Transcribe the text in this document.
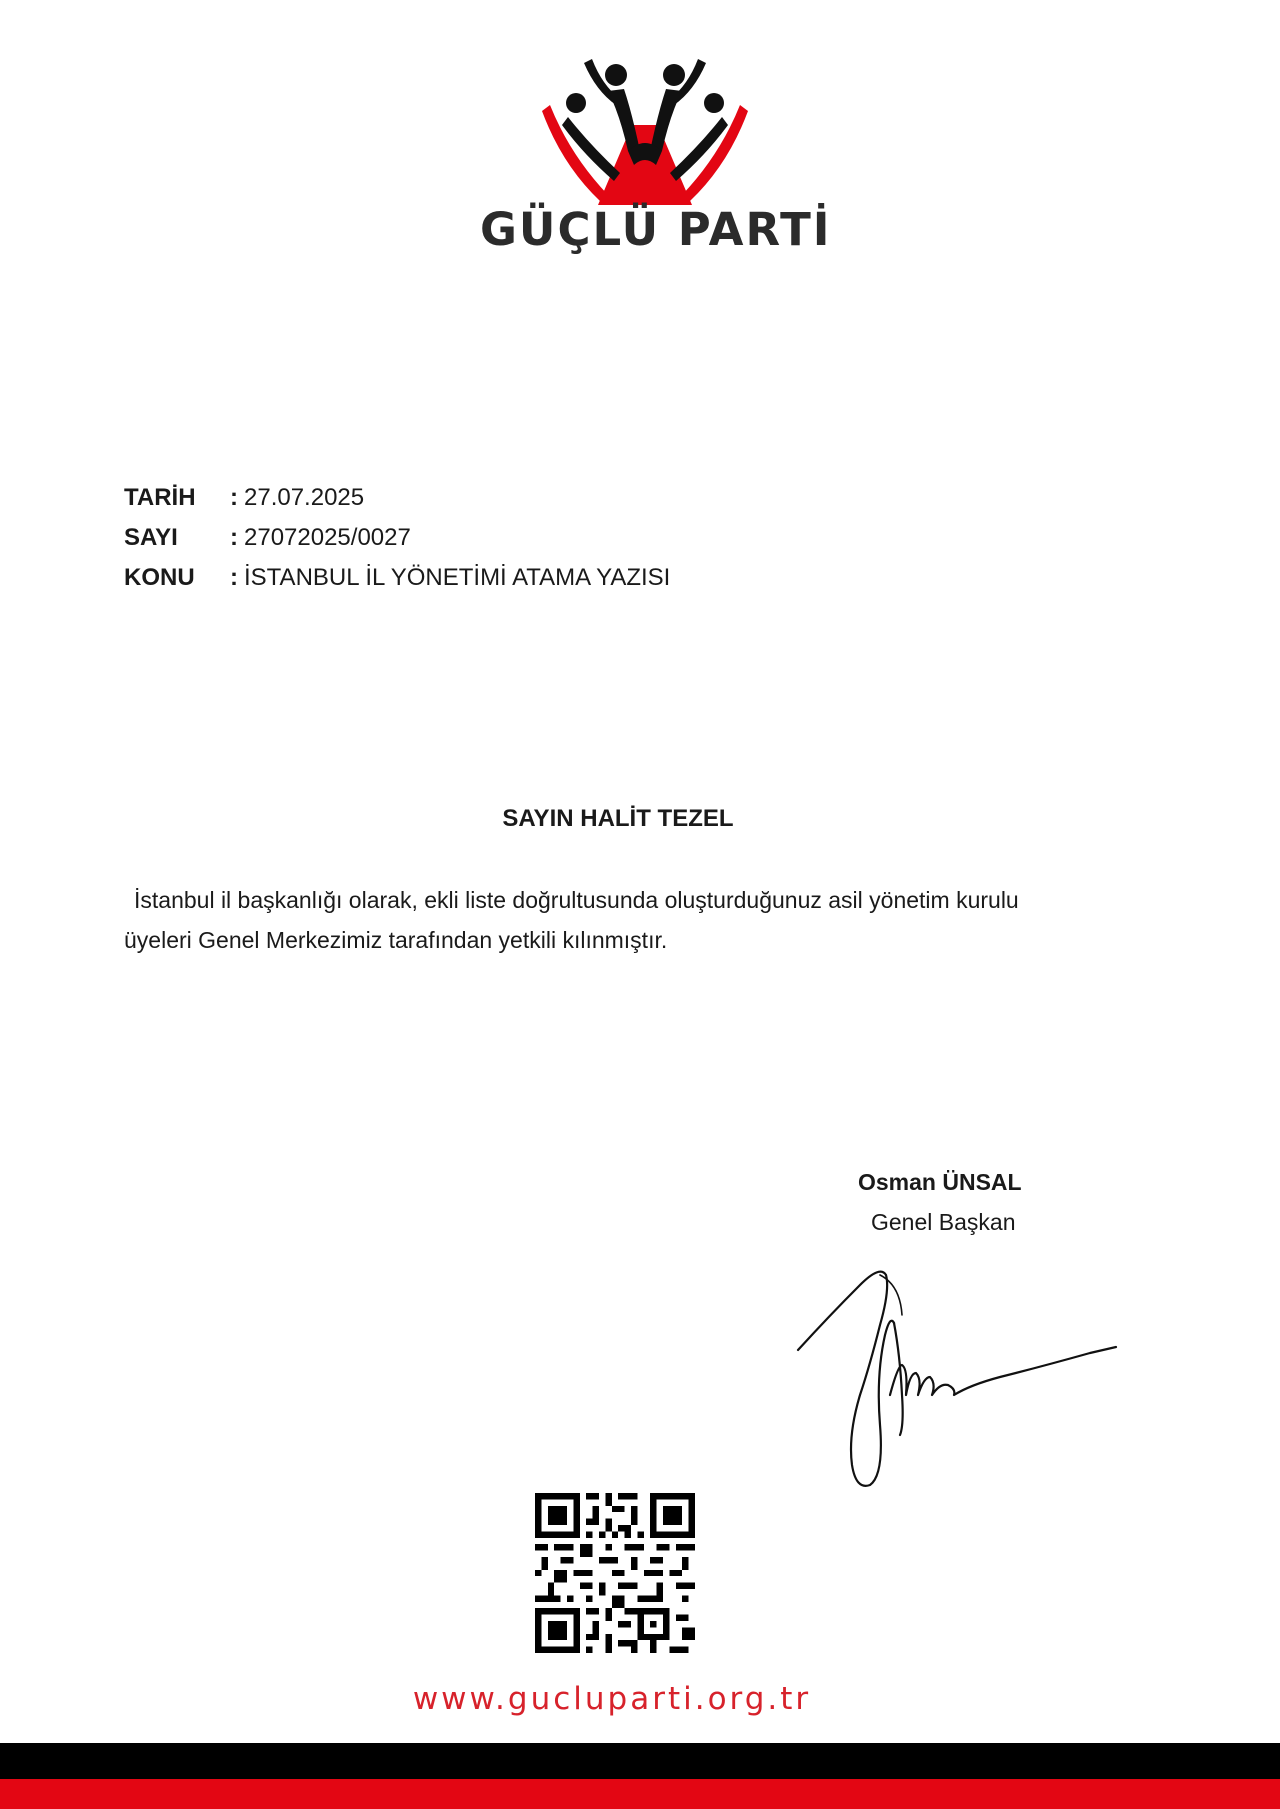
GÜÇLÜ PARTİ
TARİH	: 27.07.2025
SAYI	: 27072025/0027
KONU	: İSTANBUL İL YÖNETİMİ ATAMA YAZISI
SAYIN HALİT TEZEL
İstanbul il başkanlığı olarak, ekli liste doğrultusunda oluşturduğunuz asil yönetim kurulu
üyeleri Genel Merkezimiz tarafından yetkili kılınmıştır.
Osman ÜNSAL
Genel Başkan
www.gucluparti.org.tr
